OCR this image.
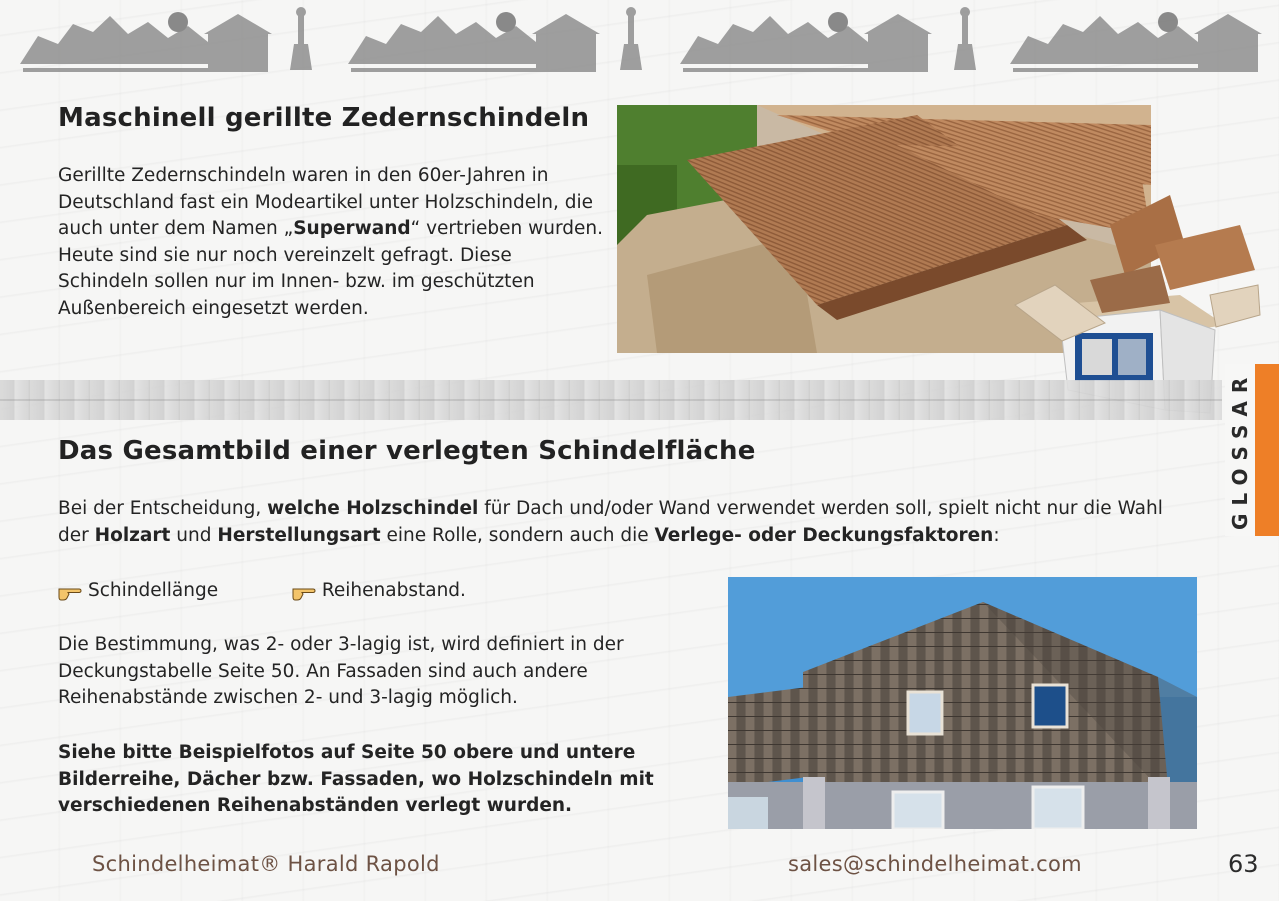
Maschinell gerillte Zedernschindeln

Gerillte Zedernschindeln waren in den 60er-Jahren in Deutschland fast ein Modeartikel unter Holzschindeln, die auch unter dem Namen „Superwand“ vertrieben wurden. Heute sind sie nur noch vereinzelt gefragt. Diese Schindeln sollen nur im Innen- bzw. im geschützten Außenbereich eingesetzt werden.

GLOSSAR
Das Gesamtbild einer verlegten Schindelfläche

Bei der Entscheidung, welche Holzschindel für Dach und/oder Wand verwendet werden soll, spielt nicht nur die Wahl der Holzart und Herstellungsart eine Rolle, sondern auch die Verlege- oder Deckungsfaktoren:

Schindellänge
	Reihenabstand.

Die Bestimmung, was 2- oder 3-lagig ist, wird definiert in der Deckungstabelle Seite 50. An Fassaden sind auch andere Reihenabstände zwischen 2- und 3-lagig möglich.

Siehe bitte Beispielfotos auf Seite 50 obere und untere Bilderreihe, Dächer bzw. Fassaden, wo Holzschindeln mit verschiedenen Reihenabständen verlegt wurden.

Schindelheimat® Harald Rapold	sales@schindelheimat.com	63
